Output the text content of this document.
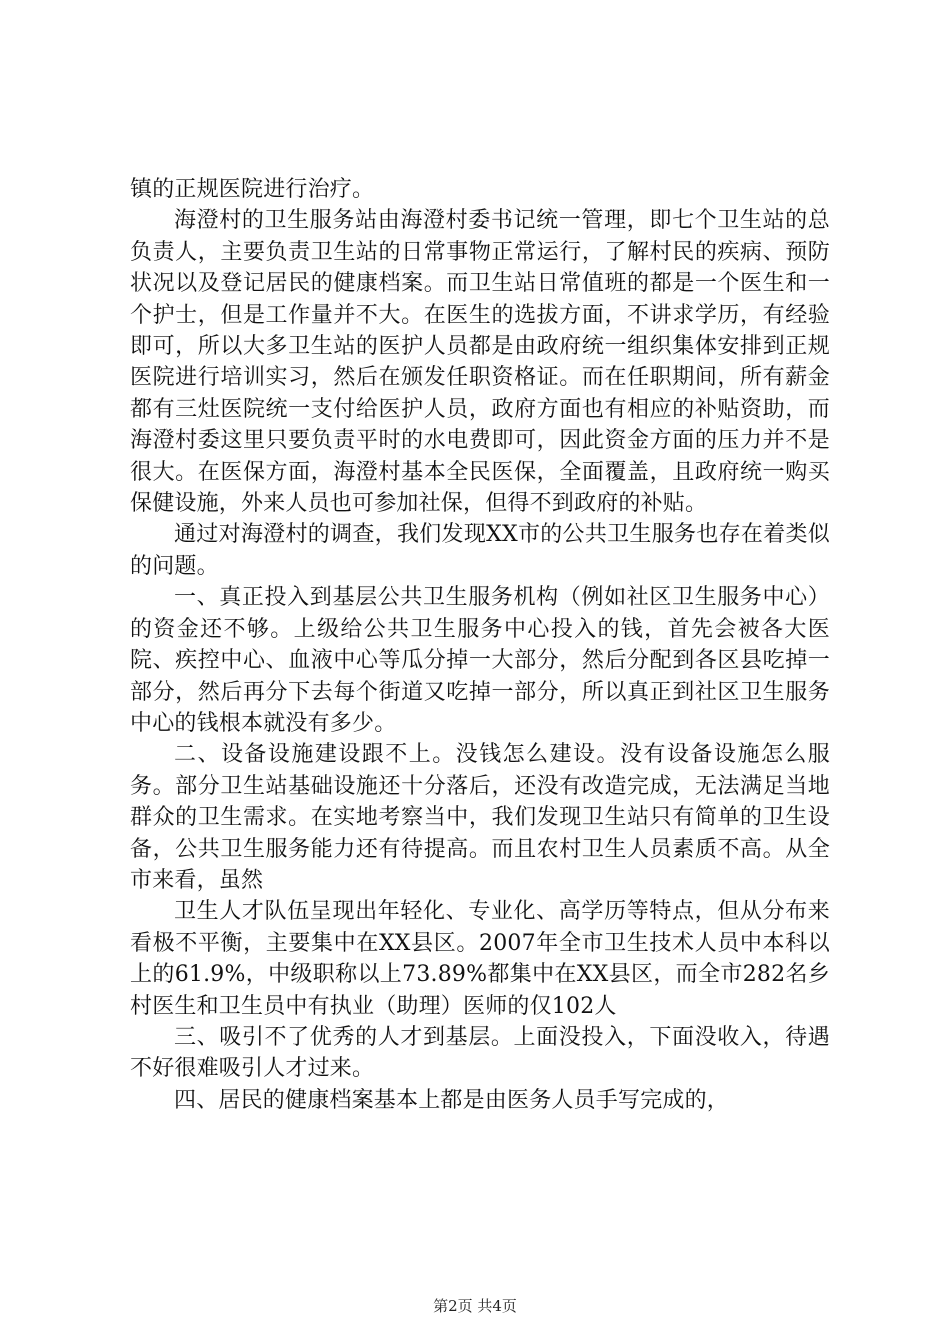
镇的正规医院进行治疗。

海澄村的卫生服务站由海澄村委书记统一管理，即七个卫生站的总负责人，主要负责卫生站的日常事物正常运行，了解村民的疾病、预防状况以及登记居民的健康档案。而卫生站日常值班的都是一个医生和一个护士，但是工作量并不大。在医生的选拔方面，不讲求学历，有经验即可，所以大多卫生站的医护人员都是由政府统一组织集体安排到正规医院进行培训实习，然后在颁发任职资格证。而在任职期间，所有薪金都有三灶医院统一支付给医护人员，政府方面也有相应的补贴资助，而海澄村委这里只要负责平时的水电费即可，因此资金方面的压力并不是很大。在医保方面，海澄村基本全民医保，全面覆盖，且政府统一购买保健设施，外来人员也可参加社保，但得不到政府的补贴。

通过对海澄村的调查，我们发现XX市的公共卫生服务也存在着类似的问题。

一、真正投入到基层公共卫生服务机构（例如社区卫生服务中心）的资金还不够。上级给公共卫生服务中心投入的钱，首先会被各大医院、疾控中心、血液中心等瓜分掉一大部分，然后分配到各区县吃掉一部分，然后再分下去每个街道又吃掉一部分，所以真正到社区卫生服务中心的钱根本就没有多少。

二、设备设施建设跟不上。没钱怎么建设。没有设备设施怎么服务。部分卫生站基础设施还十分落后，还没有改造完成，无法满足当地群众的卫生需求。在实地考察当中，我们发现卫生站只有简单的卫生设备，公共卫生服务能力还有待提高。而且农村卫生人员素质不高。从全市来看，虽然

卫生人才队伍呈现出年轻化、专业化、高学历等特点，但从分布来看极不平衡，主要集中在XX县区。2007年全市卫生技术人员中本科以上的61.9%，中级职称以上73.89%都集中在XX县区，而全市282名乡村医生和卫生员中有执业（助理）医师的仅102人

三、吸引不了优秀的人才到基层。上面没投入，下面没收入，待遇不好很难吸引人才过来。

四、居民的健康档案基本上都是由医务人员手写完成的，

第2页 共4页
